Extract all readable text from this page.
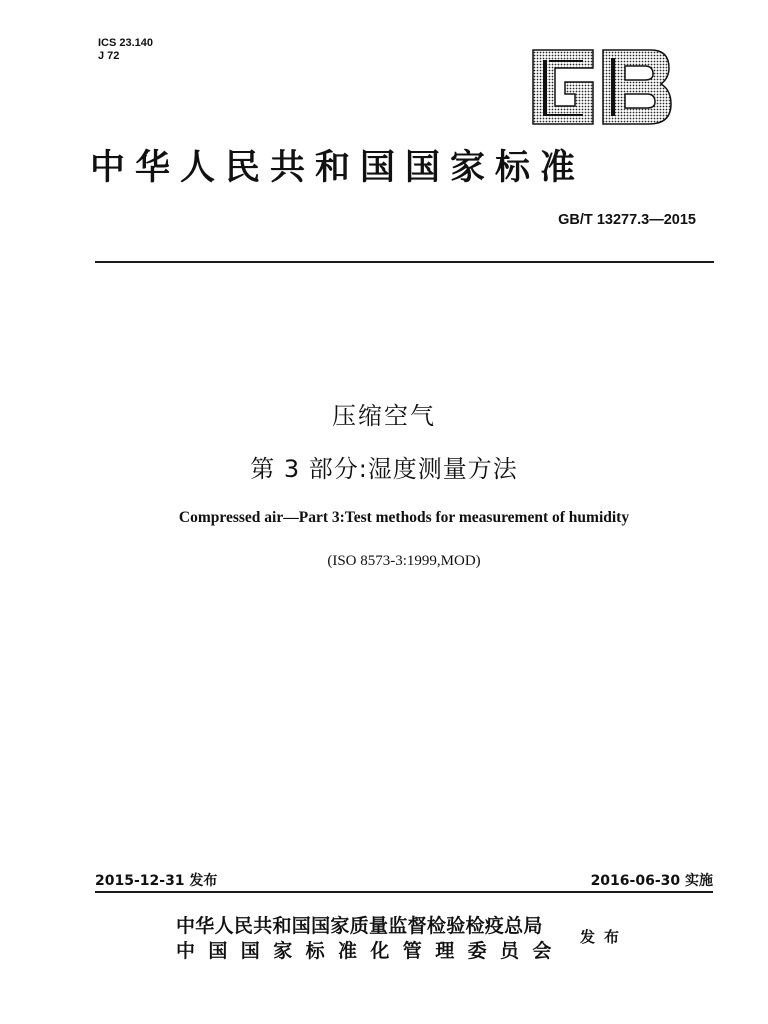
ICS 23.140
J 72
中华人民共和国国家标准
GB/T 13277.3—2015
压缩空气
第 3 部分:湿度测量方法
Compressed air—Part 3:Test methods for measurement of humidity
(ISO 8573-3:1999,MOD)
2015-12-31 发布	2016-06-30 实施
中华人民共和国国家质量监督检验检疫总局
中国国家标准化管理委员会
发布
